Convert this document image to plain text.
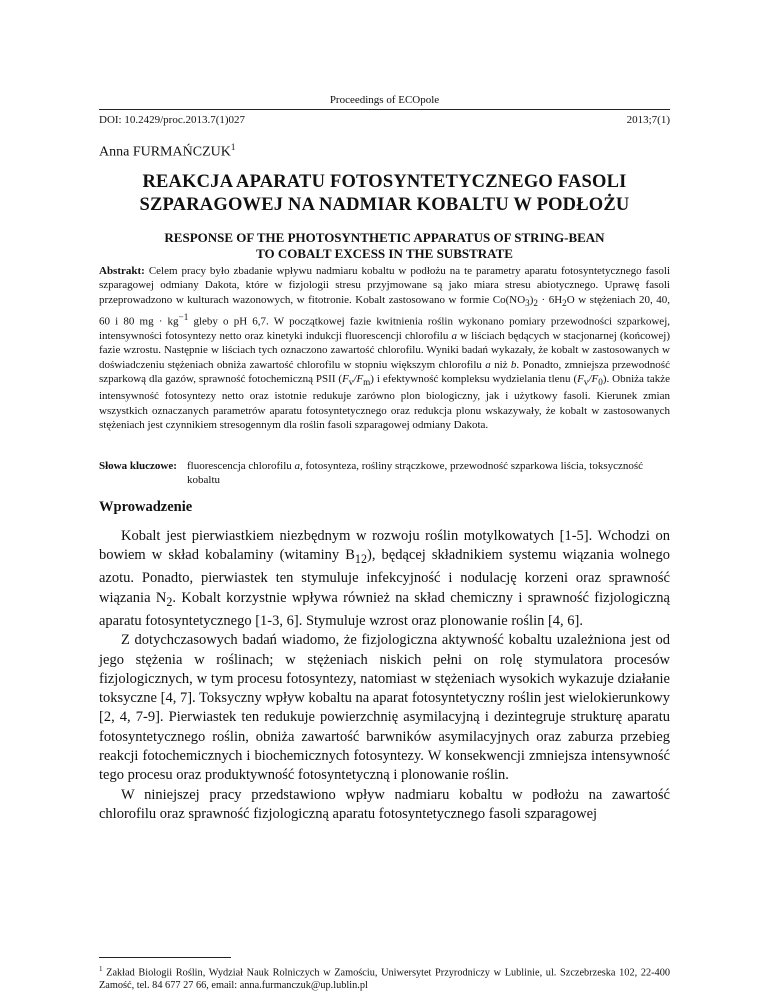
Proceedings of ECOpole
DOI: 10.2429/proc.2013.7(1)027	2013;7(1)
Anna FURMAŃCZUK$^1$
REAKCJA APARATU FOTOSYNTETYCZNEGO FASOLI
SZPARAGOWEJ NA NADMIAR KOBALTU W PODŁOŻU
RESPONSE OF THE PHOTOSYNTHETIC APPARATUS OF STRING-BEAN
TO COBALT EXCESS IN THE SUBSTRATE
Abstrakt: Celem pracy było zbadanie wpływu nadmiaru kobaltu w podłożu na te parametry aparatu fotosyntetycznego fasoli szparagowej odmiany Dakota, które w fizjologii stresu przyjmowane są jako miara stresu abiotycznego. Uprawę fasoli przeprowadzono w kulturach wazonowych, w fitotronie. Kobalt zastosowano w formie $Co(NO_3)_2 \cdot 6H_2O$ w stężeniach 20, 40, 60 i 80 mg · $kg^{-1}$ gleby o pH 6,7. W początkowej fazie kwitnienia roślin wykonano pomiary przewodności szparkowej, intensywności fotosyntezy netto oraz kinetyki indukcji fluorescencji chlorofilu a w liściach będących w stacjonarnej (końcowej) fazie wzrostu. Następnie w liściach tych oznaczono zawartość chlorofilu. Wyniki badań wykazały, że kobalt w zastosowanych w doświadczeniu stężeniach obniża zawartość chlorofilu w stopniu większym chlorofilu a niż b. Ponadto, zmniejsza przewodność szparkową dla gazów, sprawność fotochemiczną PSII $(F_v/F_m)$ i efektywność kompleksu wydzielania tlenu $(F_v/F_0)$. Obniża także intensywność fotosyntezy netto oraz istotnie redukuje zarówno plon biologiczny, jak i użytkowy fasoli. Kierunek zmian wszystkich oznaczanych parametrów aparatu fotosyntetycznego oraz redukcja plonu wskazywały, że kobalt w zastosowanych stężeniach jest czynnikiem stresogennym dla roślin fasoli szparagowej odmiany Dakota.
Słowa kluczowe: fluorescencja chlorofilu a, fotosynteza, rośliny strączkowe, przewodność szparkowa liścia, toksyczność kobaltu
Wprowadzenie

Kobalt jest pierwiastkiem niezbędnym w rozwoju roślin motylkowatych [1-5]. Wchodzi on bowiem w skład kobalaminy (witaminy $B_{12}$), będącej składnikiem systemu wiązania wolnego azotu. Ponadto, pierwiastek ten stymuluje infekcyjność i nodulację korzeni oraz sprawność wiązania $N_2$. Kobalt korzystnie wpływa również na skład chemiczny i sprawność fizjologiczną aparatu fotosyntetycznego [1-3, 6]. Stymuluje wzrost oraz plonowanie roślin [4, 6].

Z dotychczasowych badań wiadomo, że fizjologiczna aktywność kobaltu uzależniona jest od jego stężenia w roślinach; w stężeniach niskich pełni on rolę stymulatora procesów fizjologicznych, w tym procesu fotosyntezy, natomiast w stężeniach wysokich wykazuje działanie toksyczne [4, 7]. Toksyczny wpływ kobaltu na aparat fotosyntetyczny roślin jest wielokierunkowy [2, 4, 7-9]. Pierwiastek ten redukuje powierzchnię asymilacyjną i dezintegruje strukturę aparatu fotosyntetycznego roślin, obniża zawartość barwników asymilacyjnych oraz zaburza przebieg reakcji fotochemicznych i biochemicznych fotosyntezy. W konsekwencji zmniejsza intensywność tego procesu oraz produktywność fotosyntetyczną i plonowanie roślin.

W niniejszej pracy przedstawiono wpływ nadmiaru kobaltu w podłożu na zawartość chlorofilu oraz sprawność fizjologiczną aparatu fotosyntetycznego fasoli szparagowej

$^1$ Zakład Biologii Roślin, Wydział Nauk Rolniczych w Zamościu, Uniwersytet Przyrodniczy w Lublinie, ul. Szczebrzeska 102, 22-400 Zamość, tel. 84 677 27 66, email: anna.furmanczuk@up.lublin.pl
